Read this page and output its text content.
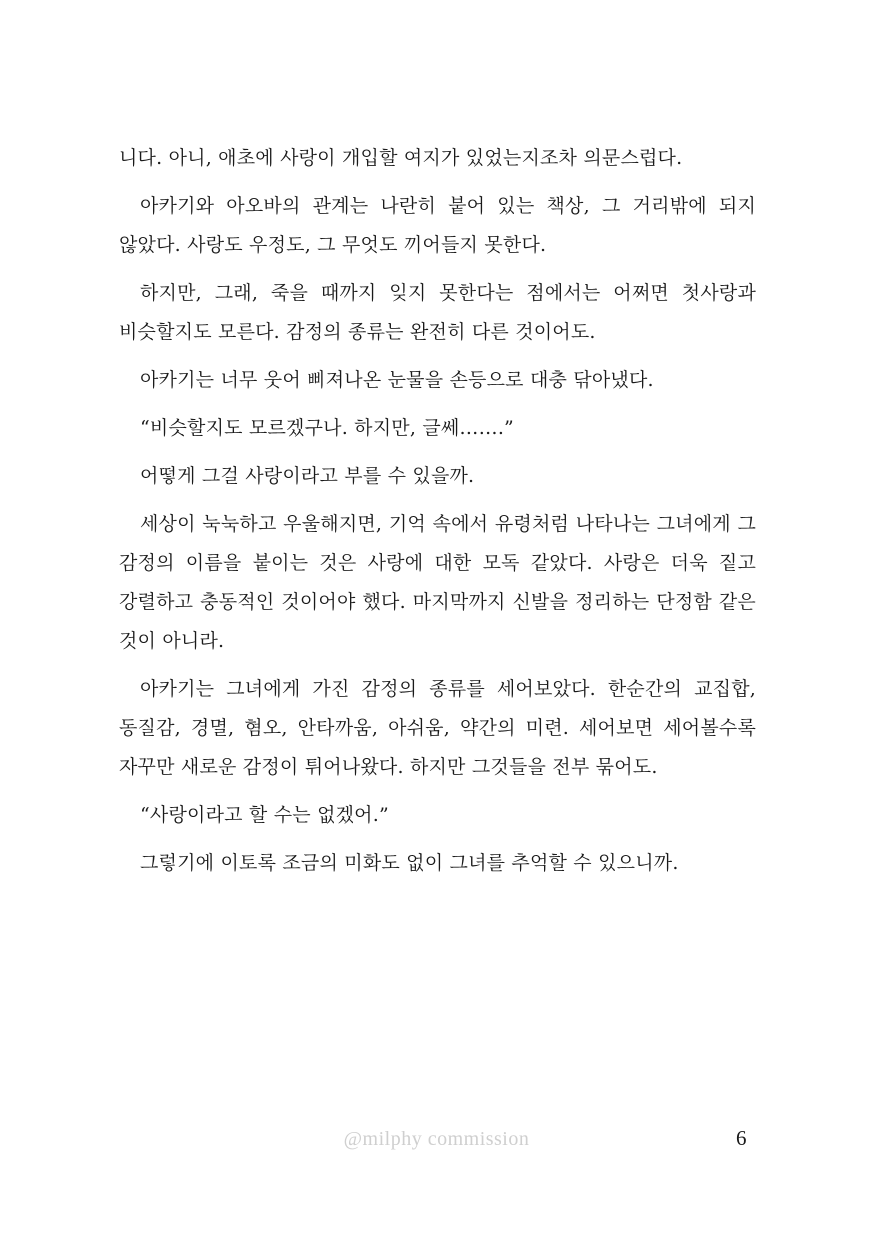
니다. 아니, 애초에 사랑이 개입할 여지가 있었는지조차 의문스럽다.

아카기와 아오바의 관계는 나란히 붙어 있는 책상, 그 거리밖에 되지 않았다. 사랑도 우정도, 그 무엇도 끼어들지 못한다.

하지만, 그래, 죽을 때까지 잊지 못한다는 점에서는 어쩌면 첫사랑과 비슷할지도 모른다. 감정의 종류는 완전히 다른 것이어도.

아카기는 너무 웃어 삐져나온 눈물을 손등으로 대충 닦아냈다.

“비슷할지도 모르겠구나. 하지만, 글쎄…….”

어떻게 그걸 사랑이라고 부를 수 있을까.

세상이 눅눅하고 우울해지면, 기억 속에서 유령처럼 나타나는 그녀에게 그 감정의 이름을 붙이는 것은 사랑에 대한 모독 같았다. 사랑은 더욱 짙고 강렬하고 충동적인 것이어야 했다. 마지막까지 신발을 정리하는 단정함 같은 것이 아니라.

아카기는 그녀에게 가진 감정의 종류를 세어보았다. 한순간의 교집합, 동질감, 경멸, 혐오, 안타까움, 아쉬움, 약간의 미련. 세어보면 세어볼수록 자꾸만 새로운 감정이 튀어나왔다. 하지만 그것들을 전부 묶어도.

“사랑이라고 할 수는 없겠어.”

그렇기에 이토록 조금의 미화도 없이 그녀를 추억할 수 있으니까.

@milphy commission	6
